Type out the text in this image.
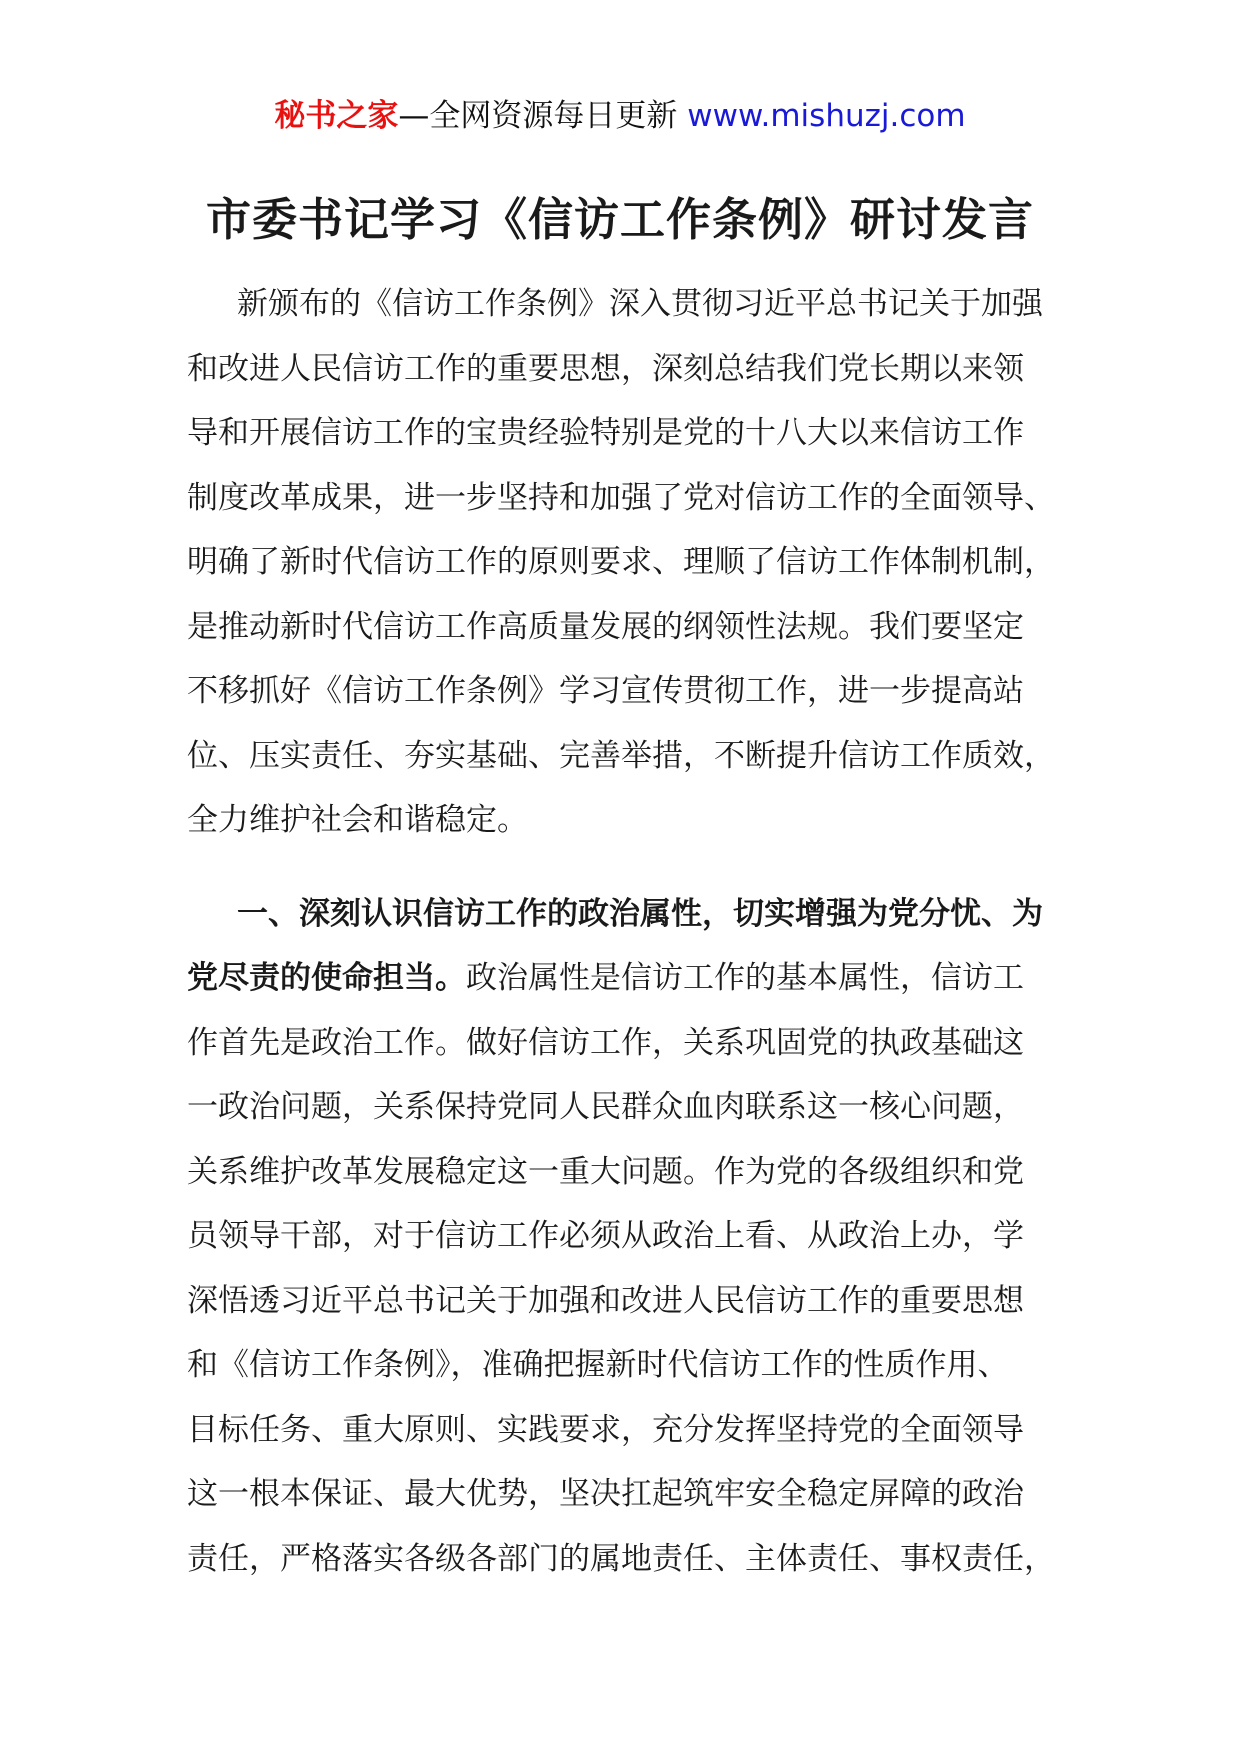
秘书之家—全网资源每日更新 www.mishuzj.com
市委书记学习《信访工作条例》研讨发言
新颁布的《信访工作条例》深入贯彻习近平总书记关于加强
和改进人民信访工作的重要思想，深刻总结我们党长期以来领
导和开展信访工作的宝贵经验特别是党的十八大以来信访工作
制度改革成果，进一步坚持和加强了党对信访工作的全面领导、
明确了新时代信访工作的原则要求、理顺了信访工作体制机制，
是推动新时代信访工作高质量发展的纲领性法规。我们要坚定
不移抓好《信访工作条例》学习宣传贯彻工作，进一步提高站
位、压实责任、夯实基础、完善举措，不断提升信访工作质效，
全力维护社会和谐稳定。
一、深刻认识信访工作的政治属性，切实增强为党分忧、为
党尽责的使命担当。政治属性是信访工作的基本属性，信访工
作首先是政治工作。做好信访工作，关系巩固党的执政基础这
一政治问题，关系保持党同人民群众血肉联系这一核心问题，
关系维护改革发展稳定这一重大问题。作为党的各级组织和党
员领导干部，对于信访工作必须从政治上看、从政治上办，学
深悟透习近平总书记关于加强和改进人民信访工作的重要思想
和《信访工作条例》，准确把握新时代信访工作的性质作用、
目标任务、重大原则、实践要求，充分发挥坚持党的全面领导
这一根本保证、最大优势，坚决扛起筑牢安全稳定屏障的政治
责任，严格落实各级各部门的属地责任、主体责任、事权责任，
